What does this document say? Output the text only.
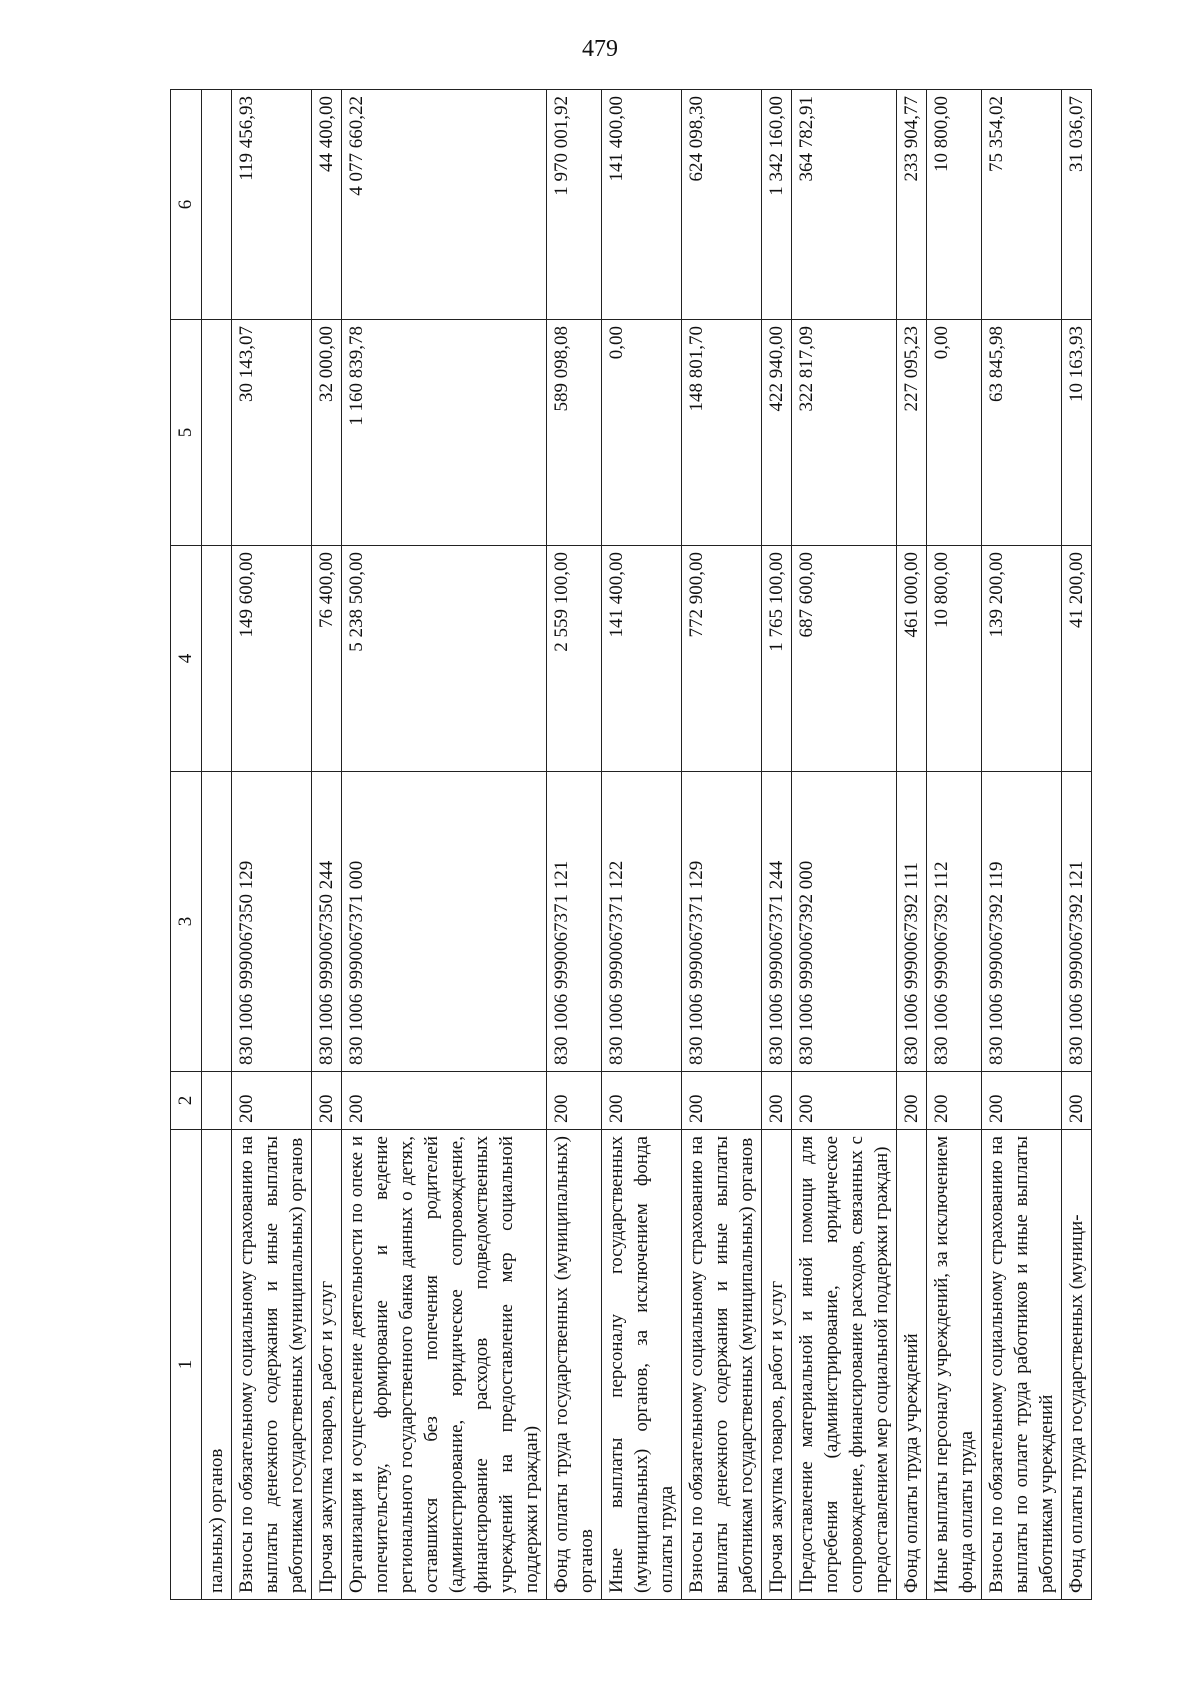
479
1	2	3	4	5	6
пальных) органов					
Взносы по обязательному социальному страхованию на выплаты денежного содержания и иные выплаты работникам государственных (муниципальных) органов	200	830 1006 9990067350 129	149 600,00	30 143,07	119 456,93
Прочая закупка товаров, работ и услуг	200	830 1006 9990067350 244	76 400,00	32 000,00	44 400,00
Организация и осуществление деятельности по опеке и попечительству, формирование и ведение регионального государственного банка данных о детях, оставшихся без попечения родителей (администрирование, юридическое сопровождение, финансирование расходов подведомственных учреждений на предоставление мер социальной поддержки граждан)	200	830 1006 9990067371 000	5 238 500,00	1 160 839,78	4 077 660,22
Фонд оплаты труда государственных (муниципальных) органов	200	830 1006 9990067371 121	2 559 100,00	589 098,08	1 970 001,92
Иные выплаты персоналу государственных (муниципальных) органов, за исключением фонда оплаты труда	200	830 1006 9990067371 122	141 400,00	0,00	141 400,00
Взносы по обязательному социальному страхованию на выплаты денежного содержания и иные выплаты работникам государственных (муниципальных) органов	200	830 1006 9990067371 129	772 900,00	148 801,70	624 098,30
Прочая закупка товаров, работ и услуг	200	830 1006 9990067371 244	1 765 100,00	422 940,00	1 342 160,00
Предоставление материальной и иной помощи для погребения (администрирование, юридическое сопровождение, финансирование расходов, связанных с предоставлением мер социальной поддержки граждан)	200	830 1006 9990067392 000	687 600,00	322 817,09	364 782,91
Фонд оплаты труда учреждений	200	830 1006 9990067392 111	461 000,00	227 095,23	233 904,77
Иные выплаты персоналу учреждений, за исключением фонда оплаты труда	200	830 1006 9990067392 112	10 800,00	0,00	10 800,00
Взносы по обязательному социальному страхованию на выплаты по оплате труда работников и иные выплаты работникам учреждений	200	830 1006 9990067392 119	139 200,00	63 845,98	75 354,02
Фонд оплаты труда государственных (муници-	200	830 1006 9990067392 121	41 200,00	10 163,93	31 036,07
